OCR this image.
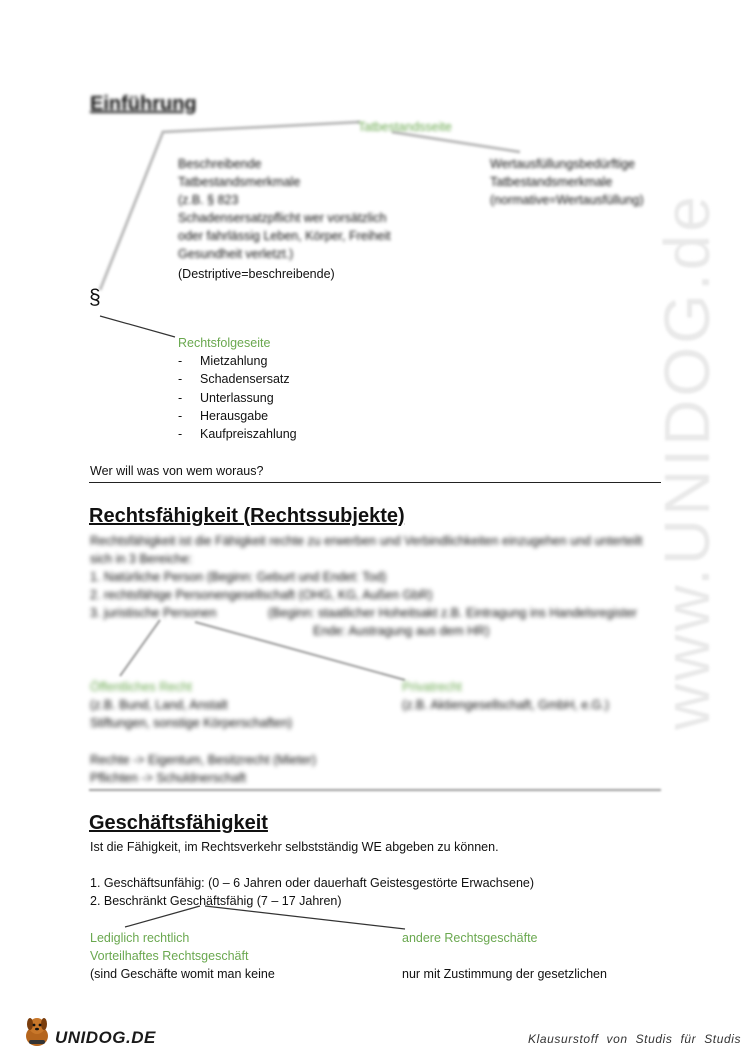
www.UNIDOG.de
Einführung
Tatbestandsseite
Beschreibende
Tatbestandsmerkmale
(z.B. § 823
Schadensersatzpflicht wer vorsätzlich
oder fahrlässig Leben, Körper, Freiheit
Gesundheit verletzt.)
(Destriptive=beschreibende)
Wertausfüllungsbedürftige
Tatbestandsmerkmale
(normative=Wertausfüllung)
§
Rechtsfolgeseite
- Mietzahlung
- Schadensersatz
- Unterlassung
- Herausgabe
- Kaufpreiszahlung
Wer will was von wem woraus?
Rechtsfähigkeit (Rechtssubjekte)
Rechtsfähigkeit ist die Fähigkeit rechte zu erwerben und Verbindlichkeiten einzugehen und unterteilt
sich in 3 Bereiche:
1. Natürliche Person (Beginn: Geburt und Endet: Tod)
2. rechtsfähige Personengesellschaft (OHG, KG, Außen GbR)
3. juristische Personen	(Beginn: staatlicher Hoheitsakt z.B. Eintragung ins Handelsregister
Ende: Austragung aus dem HR)
Öffentliches Recht
(z.B. Bund, Land, Anstalt
Stiftungen, sonstige Körperschaften)
Privatrecht
(z.B. Aktiengesellschaft, GmbH, e.G.)
Rechte -> Eigentum, Besitzrecht (Mieter)
Pflichten -> Schuldnerschaft
Geschäftsfähigkeit
Ist die Fähigkeit, im Rechtsverkehr selbstständig WE abgeben zu können.
1. Geschäftsunfähig: (0 – 6 Jahren oder dauerhaft Geistesgestörte Erwachsene)
2. Beschränkt Geschäftsfähig (7 – 17 Jahren)
Lediglich rechtlich
Vorteilhaftes Rechtsgeschäft
(sind Geschäfte womit man keine
andere Rechtsgeschäfte
nur mit Zustimmung der gesetzlichen
UNIDOG.DE	Klausurstoff von Studis für Studis
